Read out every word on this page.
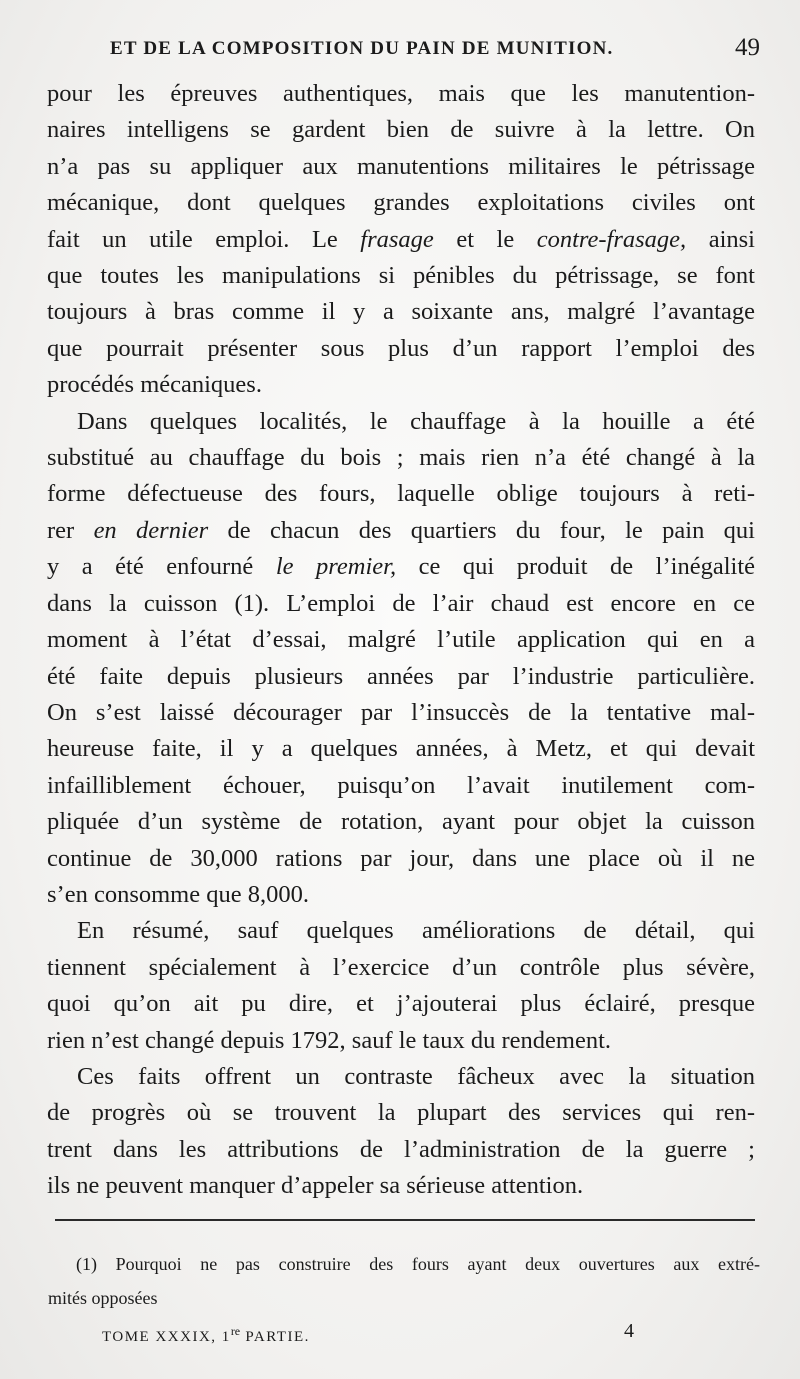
ET DE LA COMPOSITION DU PAIN DE MUNITION.	49

pour les épreuves authentiques, mais que les manutention-
naires intelligens se gardent bien de suivre à la lettre. On
n’a pas su appliquer aux manutentions militaires le pétrissage
mécanique, dont quelques grandes exploitations civiles ont
fait un utile emploi. Le frasage et le contre-frasage, ainsi
que toutes les manipulations si pénibles du pétrissage, se font
toujours à bras comme il y a soixante ans, malgré l’avantage
que pourrait présenter sous plus d’un rapport l’emploi des
procédés mécaniques.

Dans quelques localités, le chauffage à la houille a été
substitué au chauffage du bois ; mais rien n’a été changé à la
forme défectueuse des fours, laquelle oblige toujours à reti-
rer en dernier de chacun des quartiers du four, le pain qui
y a été enfourné le premier, ce qui produit de l’inégalité
dans la cuisson (1). L’emploi de l’air chaud est encore en ce
moment à l’état d’essai, malgré l’utile application qui en a
été faite depuis plusieurs années par l’industrie particulière.
On s’est laissé décourager par l’insuccès de la tentative mal-
heureuse faite, il y a quelques années, à Metz, et qui devait
infailliblement échouer, puisqu’on l’avait inutilement com-
pliquée d’un système de rotation, ayant pour objet la cuisson
continue de 30,000 rations par jour, dans une place où il ne
s’en consomme que 8,000.

En résumé, sauf quelques améliorations de détail, qui
tiennent spécialement à l’exercice d’un contrôle plus sévère,
quoi qu’on ait pu dire, et j’ajouterai plus éclairé, presque
rien n’est changé depuis 1792, sauf le taux du rendement.

Ces faits offrent un contraste fâcheux avec la situation
de progrès où se trouvent la plupart des services qui ren-
trent dans les attributions de l’administration de la guerre ;
ils ne peuvent manquer d’appeler sa sérieuse attention.

(1) Pourquoi ne pas construire des fours ayant deux ouvertures aux extré-
mités opposées
TOME XXXIX, 1re PARTIE.	4
